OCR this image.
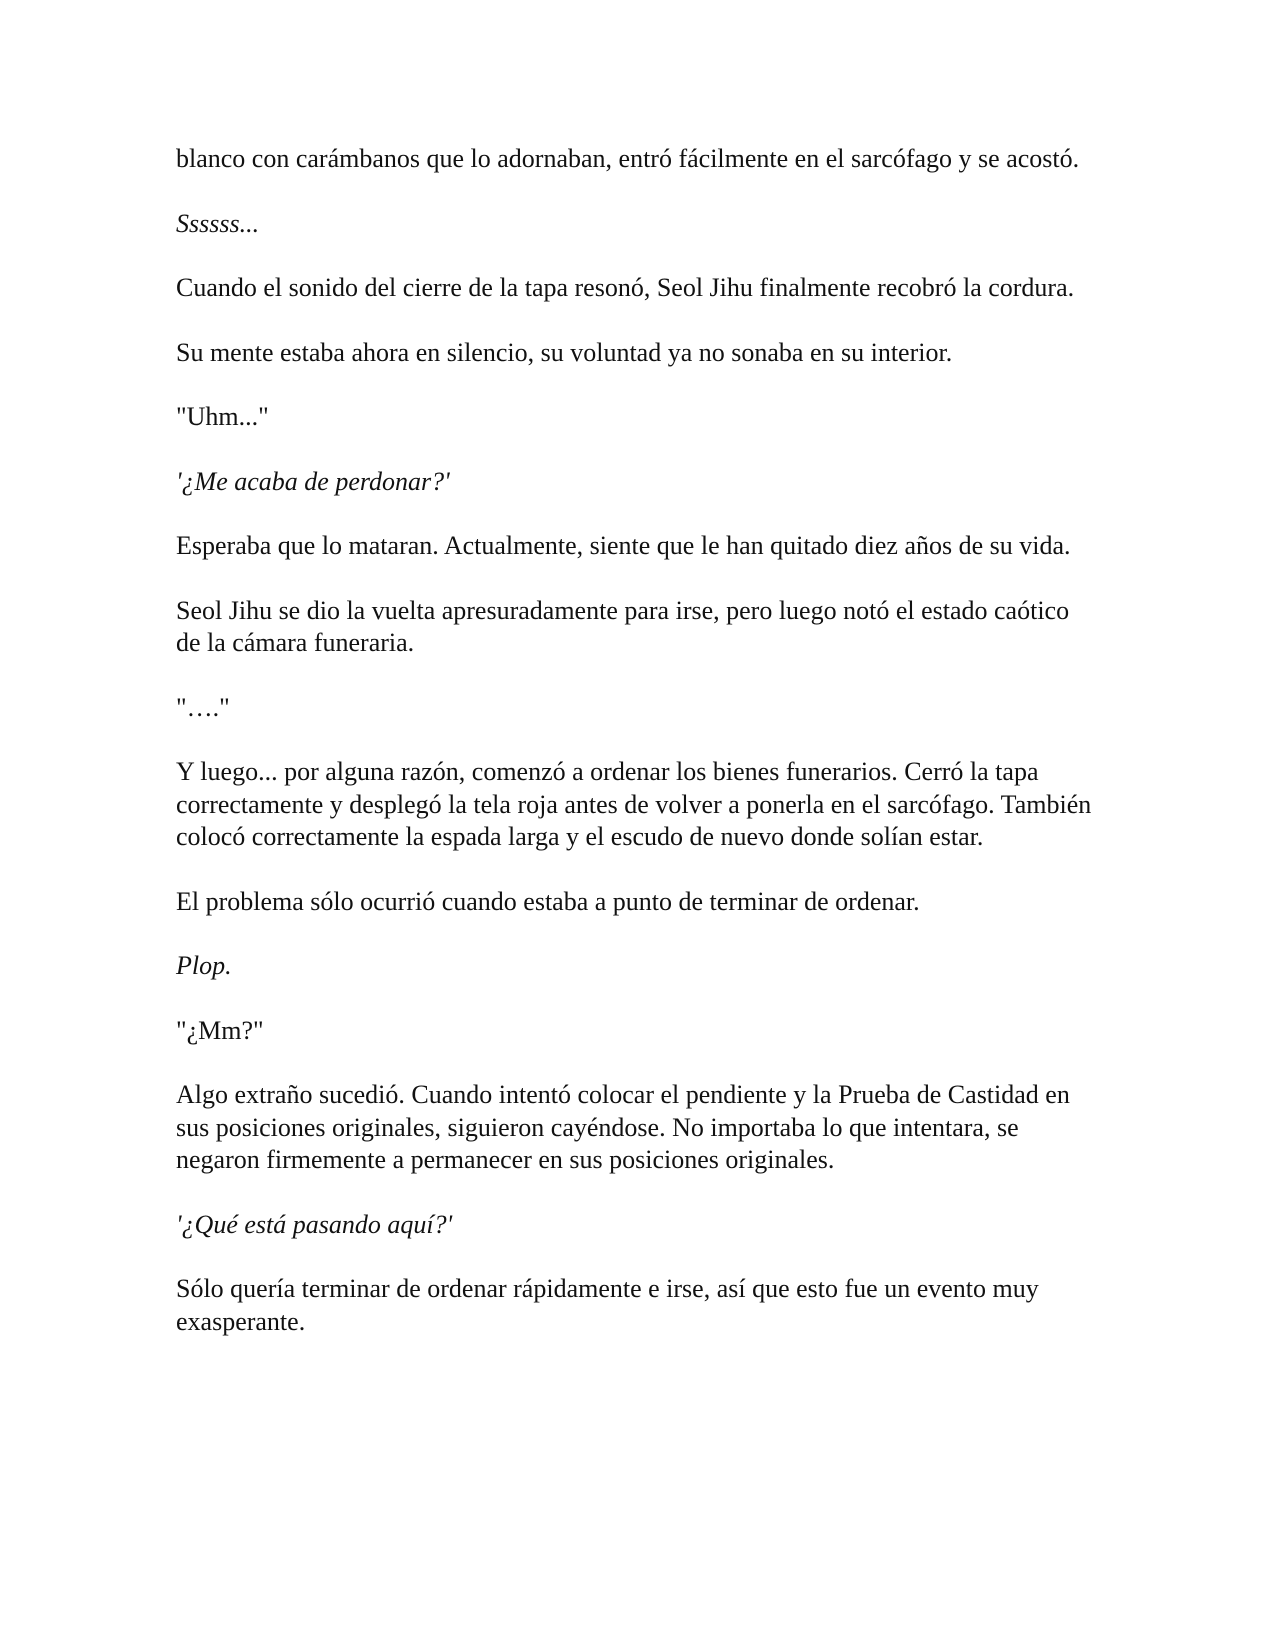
blanco con carámbanos que lo adornaban, entró fácilmente en el sarcófago y se acostó.

Ssssss...

Cuando el sonido del cierre de la tapa resonó, Seol Jihu finalmente recobró la cordura.

Su mente estaba ahora en silencio, su voluntad ya no sonaba en su interior.

"Uhm..."

'¿Me acaba de perdonar?'

Esperaba que lo mataran. Actualmente, siente que le han quitado diez años de su vida.

Seol Jihu se dio la vuelta apresuradamente para irse, pero luego notó el estado caótico de la cámara funeraria.

"…."

Y luego... por alguna razón, comenzó a ordenar los bienes funerarios. Cerró la tapa correctamente y desplegó la tela roja antes de volver a ponerla en el sarcófago. También colocó correctamente la espada larga y el escudo de nuevo donde solían estar.

El problema sólo ocurrió cuando estaba a punto de terminar de ordenar.

Plop.

"¿Mm?"

Algo extraño sucedió. Cuando intentó colocar el pendiente y la Prueba de Castidad en sus posiciones originales, siguieron cayéndose. No importaba lo que intentara, se negaron firmemente a permanecer en sus posiciones originales.

'¿Qué está pasando aquí?'

Sólo quería terminar de ordenar rápidamente e irse, así que esto fue un evento muy exasperante.
